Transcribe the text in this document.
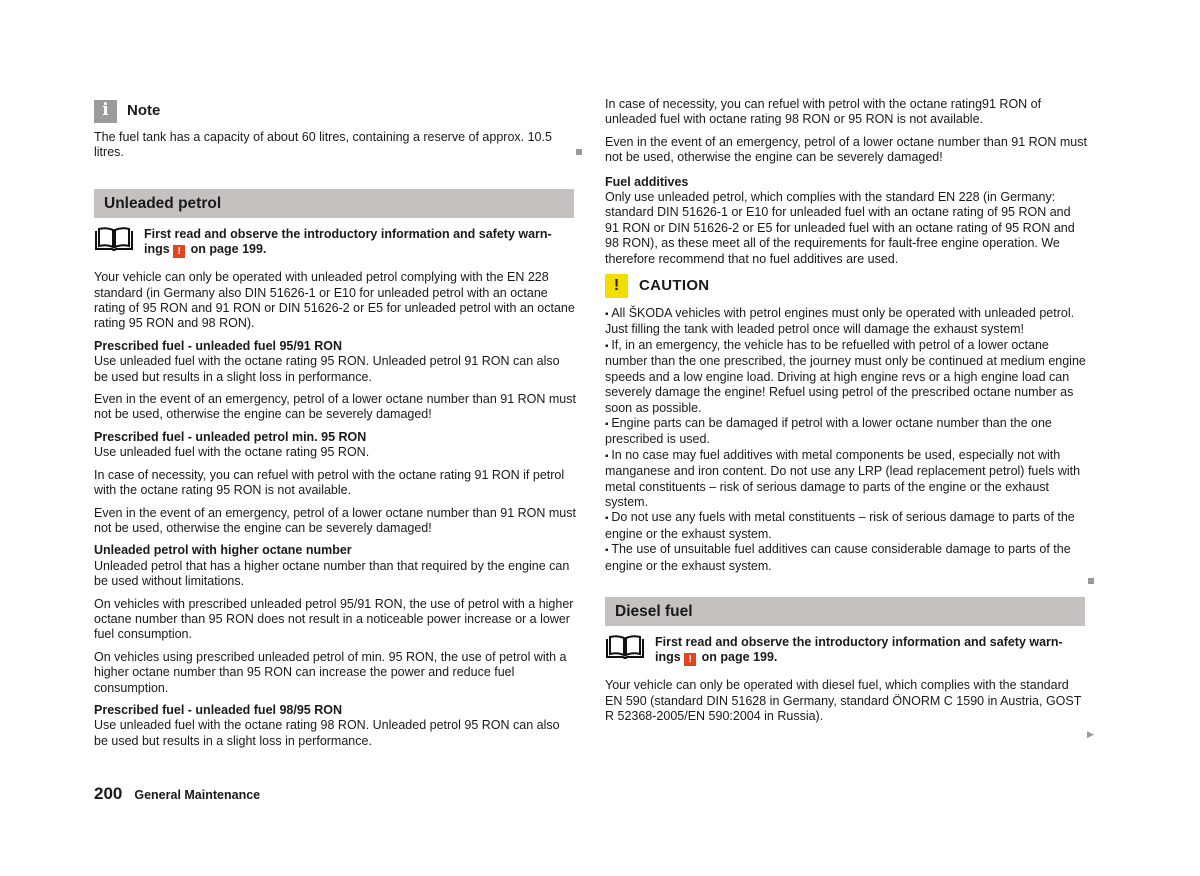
i	Note

The fuel tank has a capacity of about 60 litres, containing a reserve of approx. 10.5 litres.

Unleaded petrol
First read and observe the introductory information and safety warn-ings ! on page 199.

Your vehicle can only be operated with unleaded petrol complying with the EN 228 standard (in Germany also DIN 51626-1 or E10 for unleaded petrol with an octane rating of 95 RON and 91 RON or DIN 51626-2 or E5 for unleaded petrol with an octane rating 95 RON and 98 RON).

Prescribed fuel - unleaded fuel 95/91 RON

Use unleaded fuel with the octane rating 95 RON. Unleaded petrol 91 RON can also be used but results in a slight loss in performance.

Even in the event of an emergency, petrol of a lower octane number than 91 RON must not be used, otherwise the engine can be severely damaged!

Prescribed fuel - unleaded petrol min. 95 RON

Use unleaded fuel with the octane rating 95 RON.

In case of necessity, you can refuel with petrol with the octane rating 91 RON if petrol with the octane rating 95 RON is not available.

Even in the event of an emergency, petrol of a lower octane number than 91 RON must not be used, otherwise the engine can be severely damaged!

Unleaded petrol with higher octane number

Unleaded petrol that has a higher octane number than that required by the engine can be used without limitations.

On vehicles with prescribed unleaded petrol 95/91 RON, the use of petrol with a higher octane number than 95 RON does not result in a noticeable power increase or a lower fuel consumption.

On vehicles using prescribed unleaded petrol of min. 95 RON, the use of petrol with a higher octane number than 95 RON can increase the power and reduce fuel consumption.

Prescribed fuel - unleaded fuel 98/95 RON

Use unleaded fuel with the octane rating 98 RON. Unleaded petrol 95 RON can also be used but results in a slight loss in performance.

In case of necessity, you can refuel with petrol with the octane rating91 RON of unleaded fuel with octane rating 98 RON or 95 RON is not available.

Even in the event of an emergency, petrol of a lower octane number than 91 RON must not be used, otherwise the engine can be severely damaged!

Fuel additives

Only use unleaded petrol, which complies with the standard EN 228 (in Germany: standard DIN 51626-1 or E10 for unleaded fuel with an octane rating of 95 RON and 91 RON or DIN 51626-2 or E5 for unleaded fuel with an octane rating of 95 RON and 98 RON), as these meet all of the requirements for fault-free engine operation. We therefore recommend that no fuel additives are used.

!	CAUTION
▪ All ŠKODA vehicles with petrol engines must only be operated with unleaded petrol. Just filling the tank with leaded petrol once will damage the exhaust system!
▪ If, in an emergency, the vehicle has to be refuelled with petrol of a lower octane number than the one prescribed, the journey must only be continued at medium engine speeds and a low engine load. Driving at high engine revs or a high engine load can severely damage the engine! Refuel using petrol of the prescribed octane number as soon as possible.
▪ Engine parts can be damaged if petrol with a lower octane number than the one prescribed is used.
▪ In no case may fuel additives with metal components be used, especially not with manganese and iron content. Do not use any LRP (lead replacement petrol) fuels with metal constituents – risk of serious damage to parts of the engine or the exhaust system.
▪ Do not use any fuels with metal constituents – risk of serious damage to parts of the engine or the exhaust system.
▪ The use of unsuitable fuel additives can cause considerable damage to parts of the engine or the exhaust system.
Diesel fuel
First read and observe the introductory information and safety warn-ings ! on page 199.

Your vehicle can only be operated with diesel fuel, which complies with the standard EN 590 (standard DIN 51628 in Germany, standard ÖNORM C 1590 in Austria, GOST R 52368-2005/EN 590:2004 in Russia).

▶
200 General Maintenance
